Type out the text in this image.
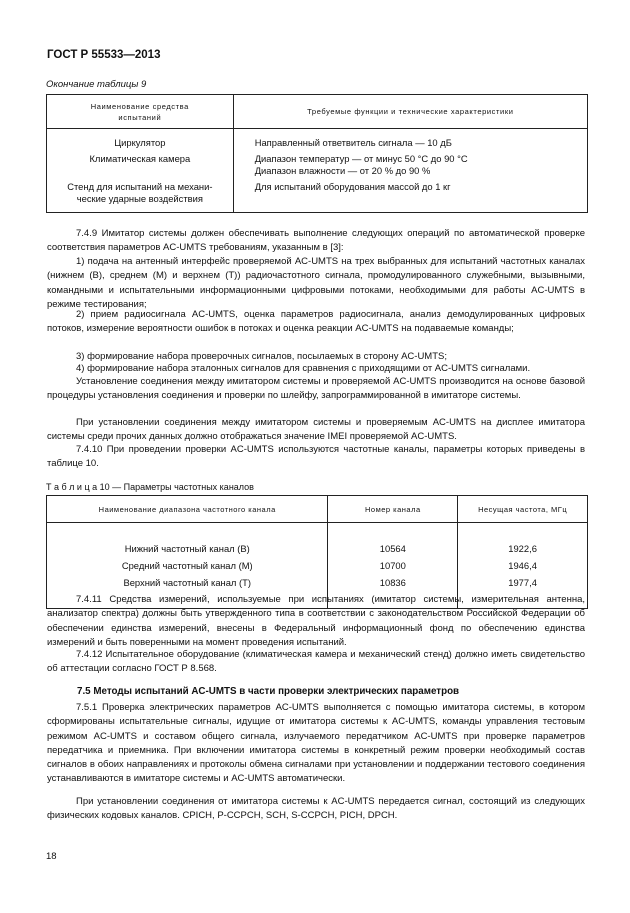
ГОСТ Р 55533—2013
Окончание таблицы 9
Наименование средства
испытаний	Требуемые функции и технические характеристики

Циркулятор	Направленный ответвитель сигнала — 10 дБ

Климатическая камера	Диапазон температур — от минус 50 °С до 90 °С
Диапазон влажности — от 20 % до 90 %

Стенд для испытаний на механи-
ческие ударные воздействия	Для испытаний оборудования массой до 1 кг

7.4.9 Имитатор системы должен обеспечивать выполнение следующих операций по автоматической проверке соответствия параметров AC-UMTS требованиям, указанным в [3]:

1) подача на антенный интерфейс проверяемой AC-UMTS на трех выбранных для испытаний частотных каналах (нижнем (В), среднем (М) и верхнем (Т)) радиочастотного сигнала, промодулированного служебными, вызывными, командными и испытательными информационными цифровыми потоками, необходимыми для работы AC-UMTS в режиме тестирования;

2) прием радиосигнала AC-UMTS, оценка параметров радиосигнала, анализ демодулированных цифровых потоков, измерение вероятности ошибок в потоках и оценка реакции AC-UMTS на подаваемые команды;

3) формирование набора проверочных сигналов, посылаемых в сторону AC-UMTS;

4) формирование набора эталонных сигналов для сравнения с приходящими от AC-UMTS сигналами.

Установление соединения между имитатором системы и проверяемой AC-UMTS производится на основе базовой процедуры установления соединения и проверки по шлейфу, запрограммированной в имитаторе системы.

При установлении соединения между имитатором системы и проверяемым AC-UMTS на дисплее имитатора системы среди прочих данных должно отображаться значение IMEI проверяемой AC-UMTS.

7.4.10 При проведении проверки AC-UMTS используются частотные каналы, параметры которых приведены в таблице 10.

Т а б л и ц а 10 — Параметры частотных каналов
Наименование диапазона частотного канала	Номер канала	Несущая частота, МГц

Нижний частотный канал (В)	10564	1922,6
Средний частотный канал (М)	10700	1946,4
Верхний частотный канал (Т)	10836	1977,4

7.4.11 Средства измерений, используемые при испытаниях (имитатор системы, измерительная антенна, анализатор спектра) должны быть утвержденного типа в соответствии с законодательством Российской Федерации об обеспечении единства измерений, внесены в Федеральный информационный фонд по обеспечению единства измерений и быть поверенными на момент проведения испытаний.

7.4.12 Испытательное оборудование (климатическая камера и механический стенд) должно иметь свидетельство об аттестации согласно ГОСТ Р 8.568.

7.5 Методы испытаний AC-UMTS в части проверки электрических параметров

7.5.1 Проверка электрических параметров AC-UMTS выполняется с помощью имитатора системы, в котором сформированы испытательные сигналы, идущие от имитатора системы к AC-UMTS, команды управления тестовым режимом AC-UMTS и составом общего сигнала, излучаемого передатчиком AC-UMTS при проверке параметров передатчика и приемника. При включении имитатора системы в конкретный режим проверки необходимый состав сигналов в обоих направлениях и протоколы обмена сигналами при установлении и поддержании тестового соединения устанавливаются в имитаторе системы и AC-UMTS автоматически.

При установлении соединения от имитатора системы к AC-UMTS передается сигнал, состоящий из следующих физических кодовых каналов. CPICH, P-CCPCH, SCH, S-CCPCH, PICH, DPCH.

18
